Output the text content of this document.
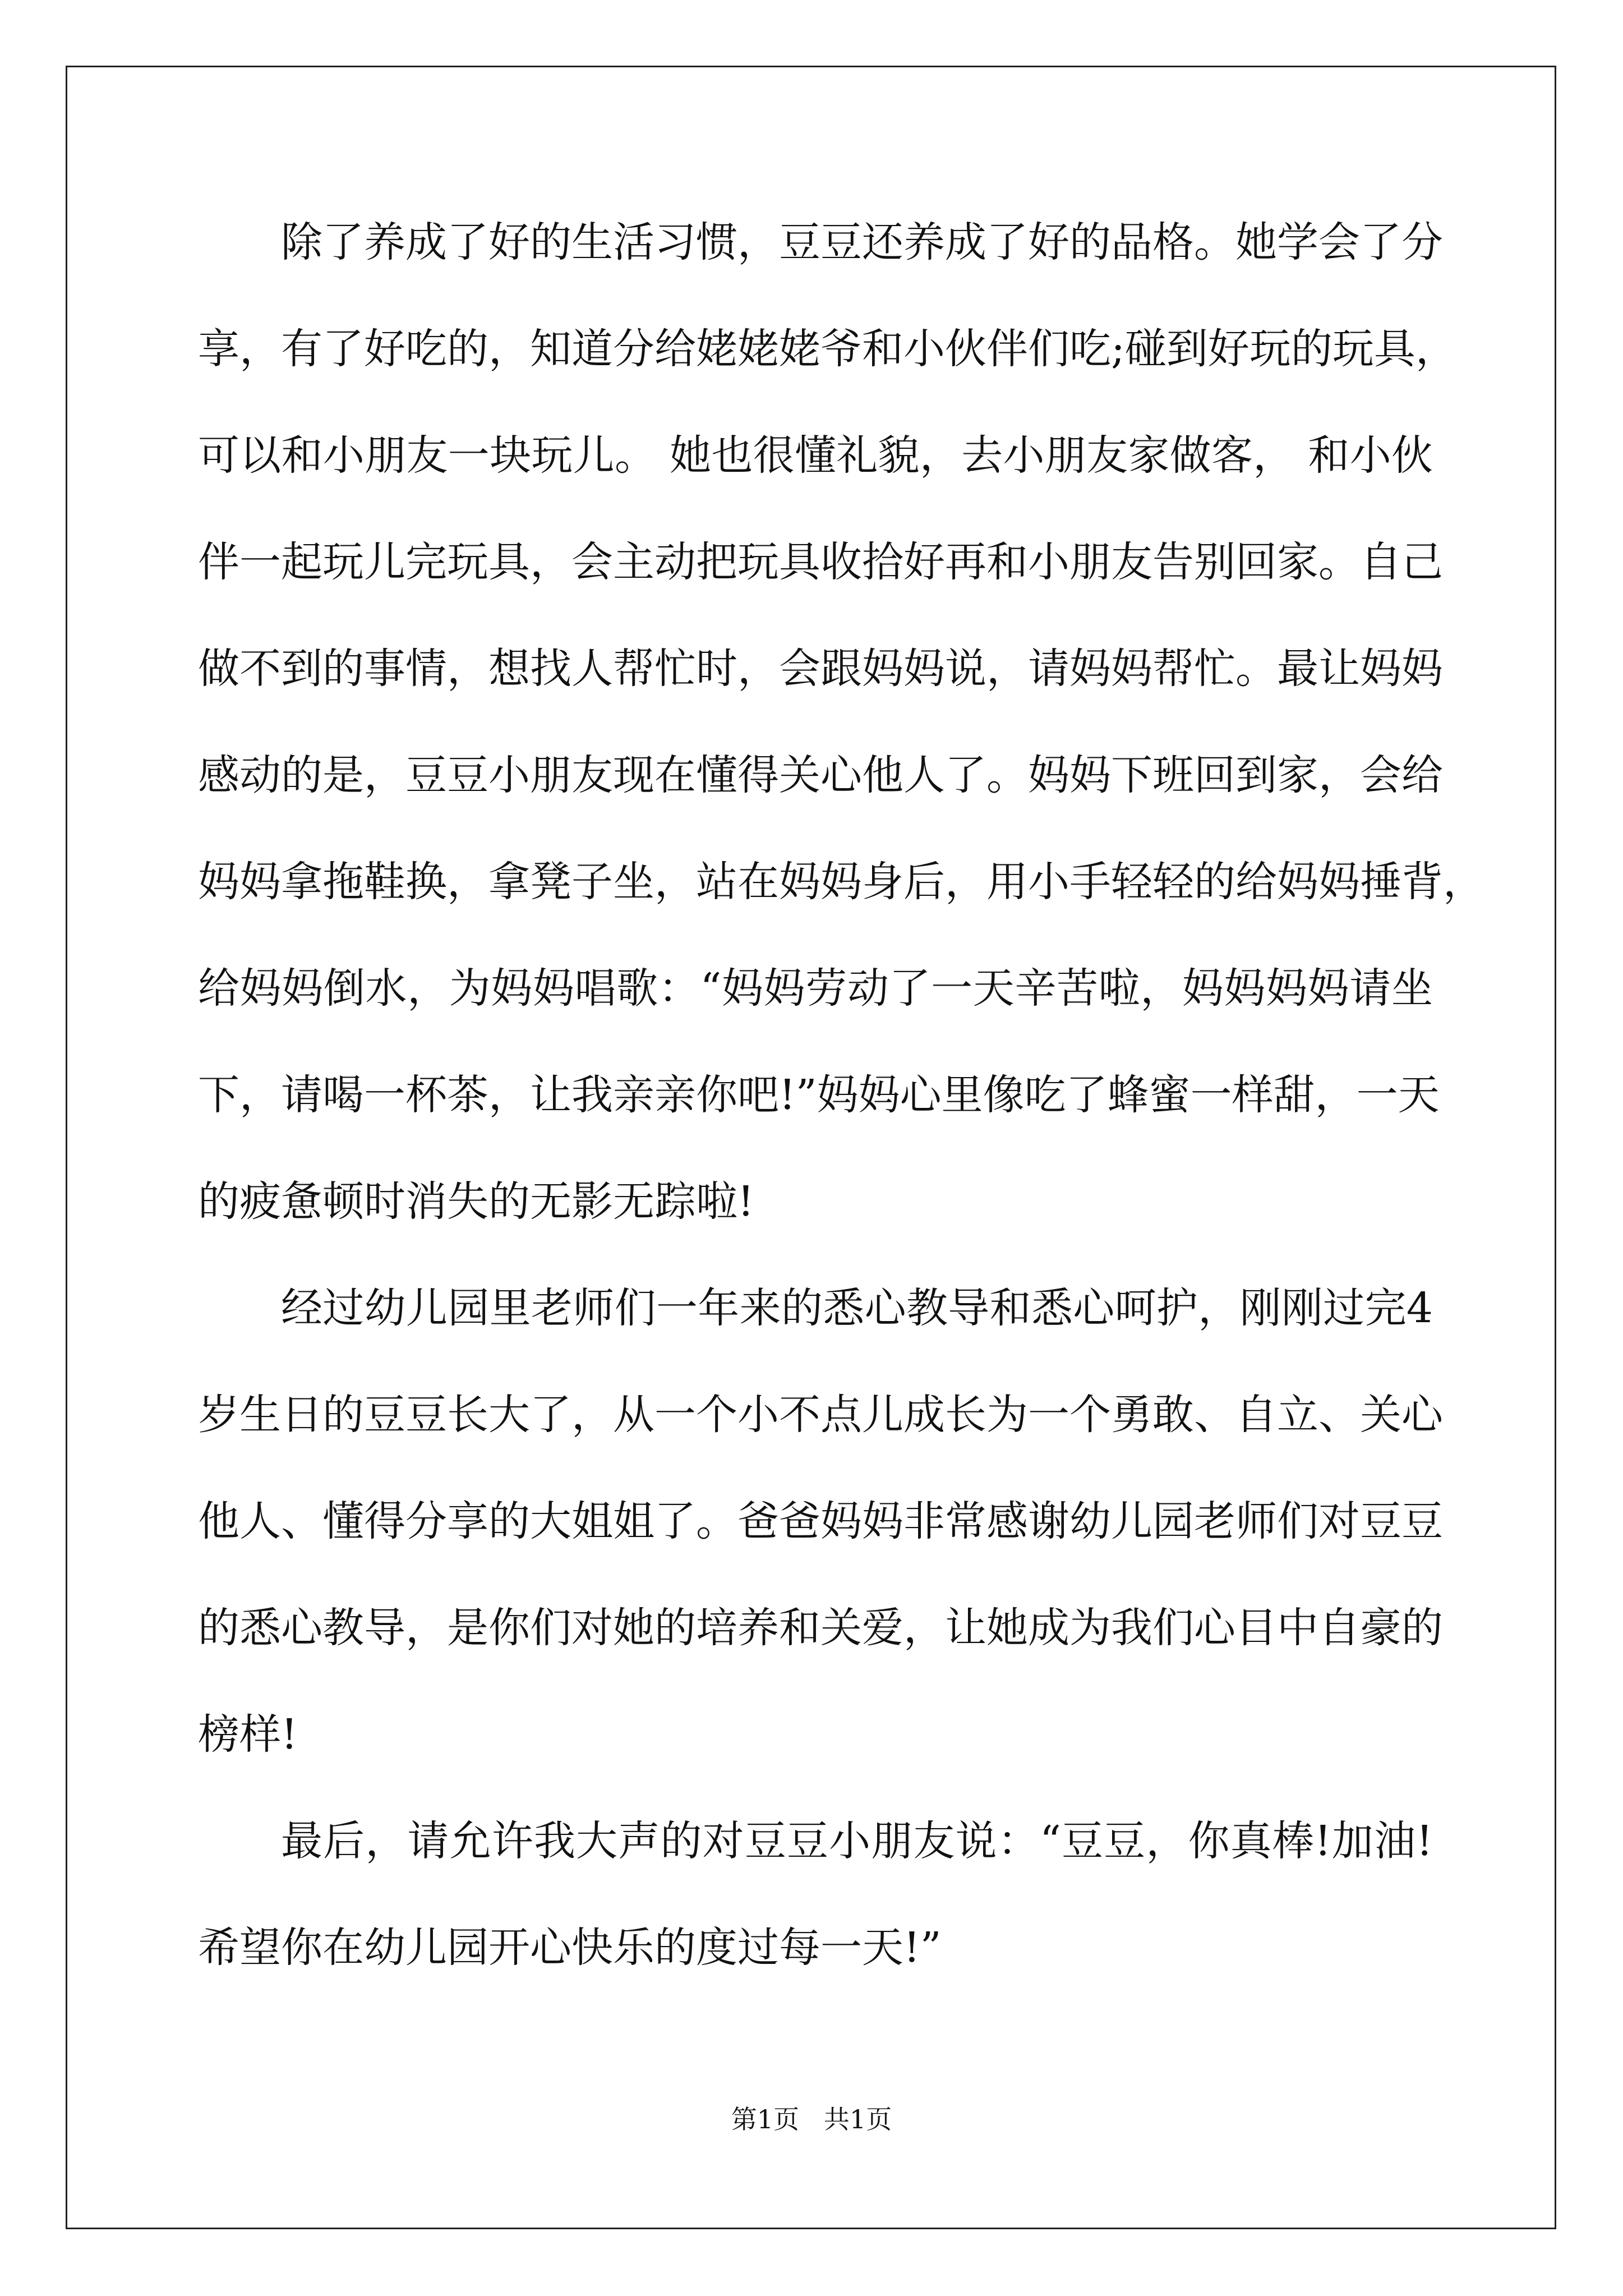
除了养成了好的生活习惯，豆豆还养成了好的品格。她学会了分
享，有了好吃的，知道分给姥姥姥爷和小伙伴们吃;碰到好玩的玩具，
可以和小朋友一块玩儿。 她也很懂礼貌，去小朋友家做客， 和小伙
伴一起玩儿完玩具，会主动把玩具收拾好再和小朋友告别回家。自己
做不到的事情，想找人帮忙时，会跟妈妈说，请妈妈帮忙。最让妈妈
感动的是，豆豆小朋友现在懂得关心他人了。妈妈下班回到家，会给
妈妈拿拖鞋换，拿凳子坐，站在妈妈身后，用小手轻轻的给妈妈捶背，
给妈妈倒水，为妈妈唱歌：“妈妈劳动了一天辛苦啦，妈妈妈妈请坐
下，请喝一杯茶，让我亲亲你吧!”妈妈心里像吃了蜂蜜一样甜，一天
的疲惫顿时消失的无影无踪啦!
经过幼儿园里老师们一年来的悉心教导和悉心呵护，刚刚过完4
岁生日的豆豆长大了，从一个小不点儿成长为一个勇敢、自立、关心
他人、懂得分享的大姐姐了。爸爸妈妈非常感谢幼儿园老师们对豆豆
的悉心教导，是你们对她的培养和关爱，让她成为我们心目中自豪的
榜样!
最后，请允许我大声的对豆豆小朋友说：“豆豆，你真棒!加油!
希望你在幼儿园开心快乐的度过每一天!”
第1页   共1页
